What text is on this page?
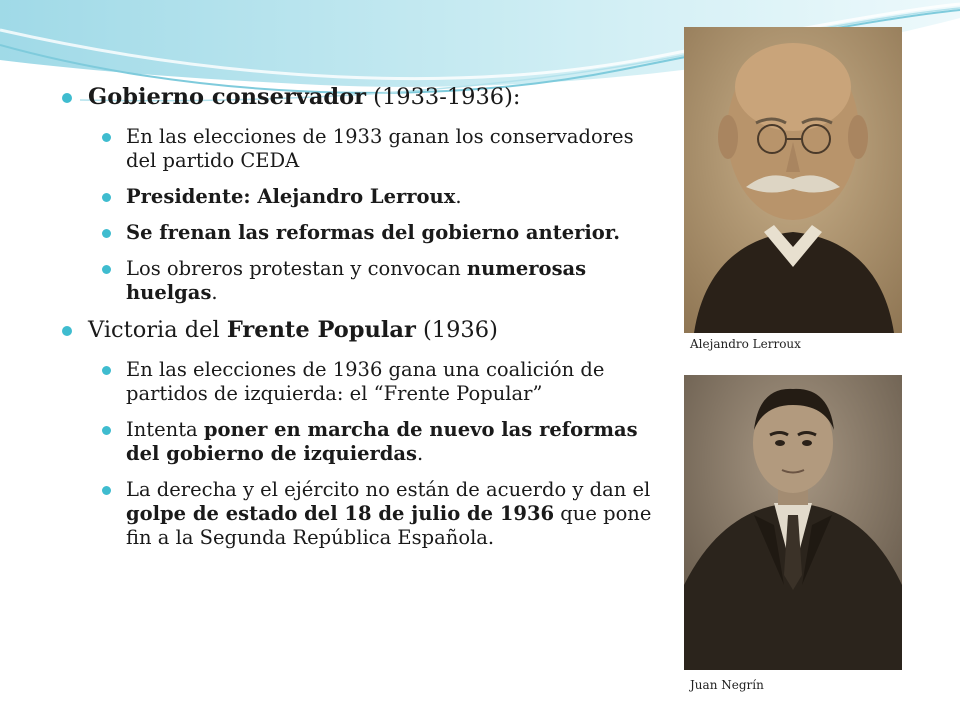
Gobierno conservador (1933-1936):
En las elecciones de 1933 ganan los conservadores del partido CEDA
Presidente: Alejandro Lerroux.
Se frenan las reformas del gobierno anterior.
Los obreros protestan y convocan numerosas huelgas.
Victoria del Frente Popular (1936)
En las elecciones de 1936 gana una coalición de partidos de izquierda: el “Frente Popular”
Intenta poner en marcha de nuevo las reformas del gobierno de izquierdas.
La derecha y el ejército no están de acuerdo y dan el golpe de estado del 18 de julio de 1936 que pone fin a la Segunda República Española.
Alejandro Lerroux
Juan Negrín
